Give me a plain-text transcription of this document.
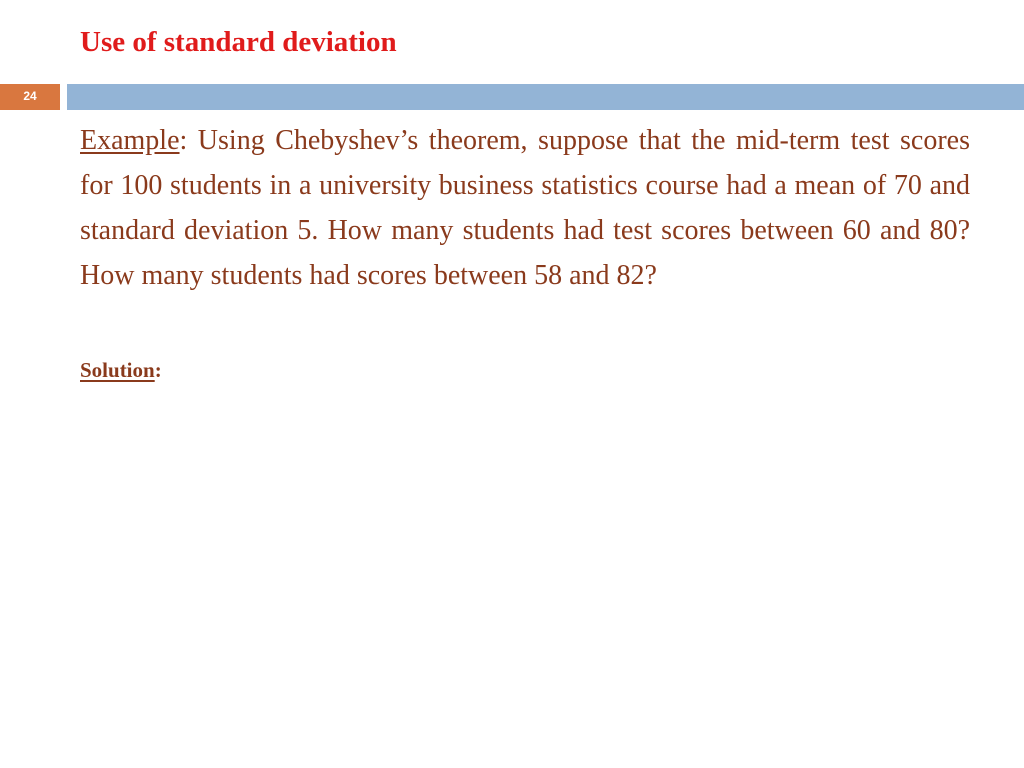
Use of standard deviation
24

Example: Using Chebyshev’s theorem, suppose that the mid-term test scores for 100 students in a university business statistics course had a mean of 70 and standard deviation 5. How many students had test scores between 60 and 80? How many students had scores between 58 and 82?

Solution:
